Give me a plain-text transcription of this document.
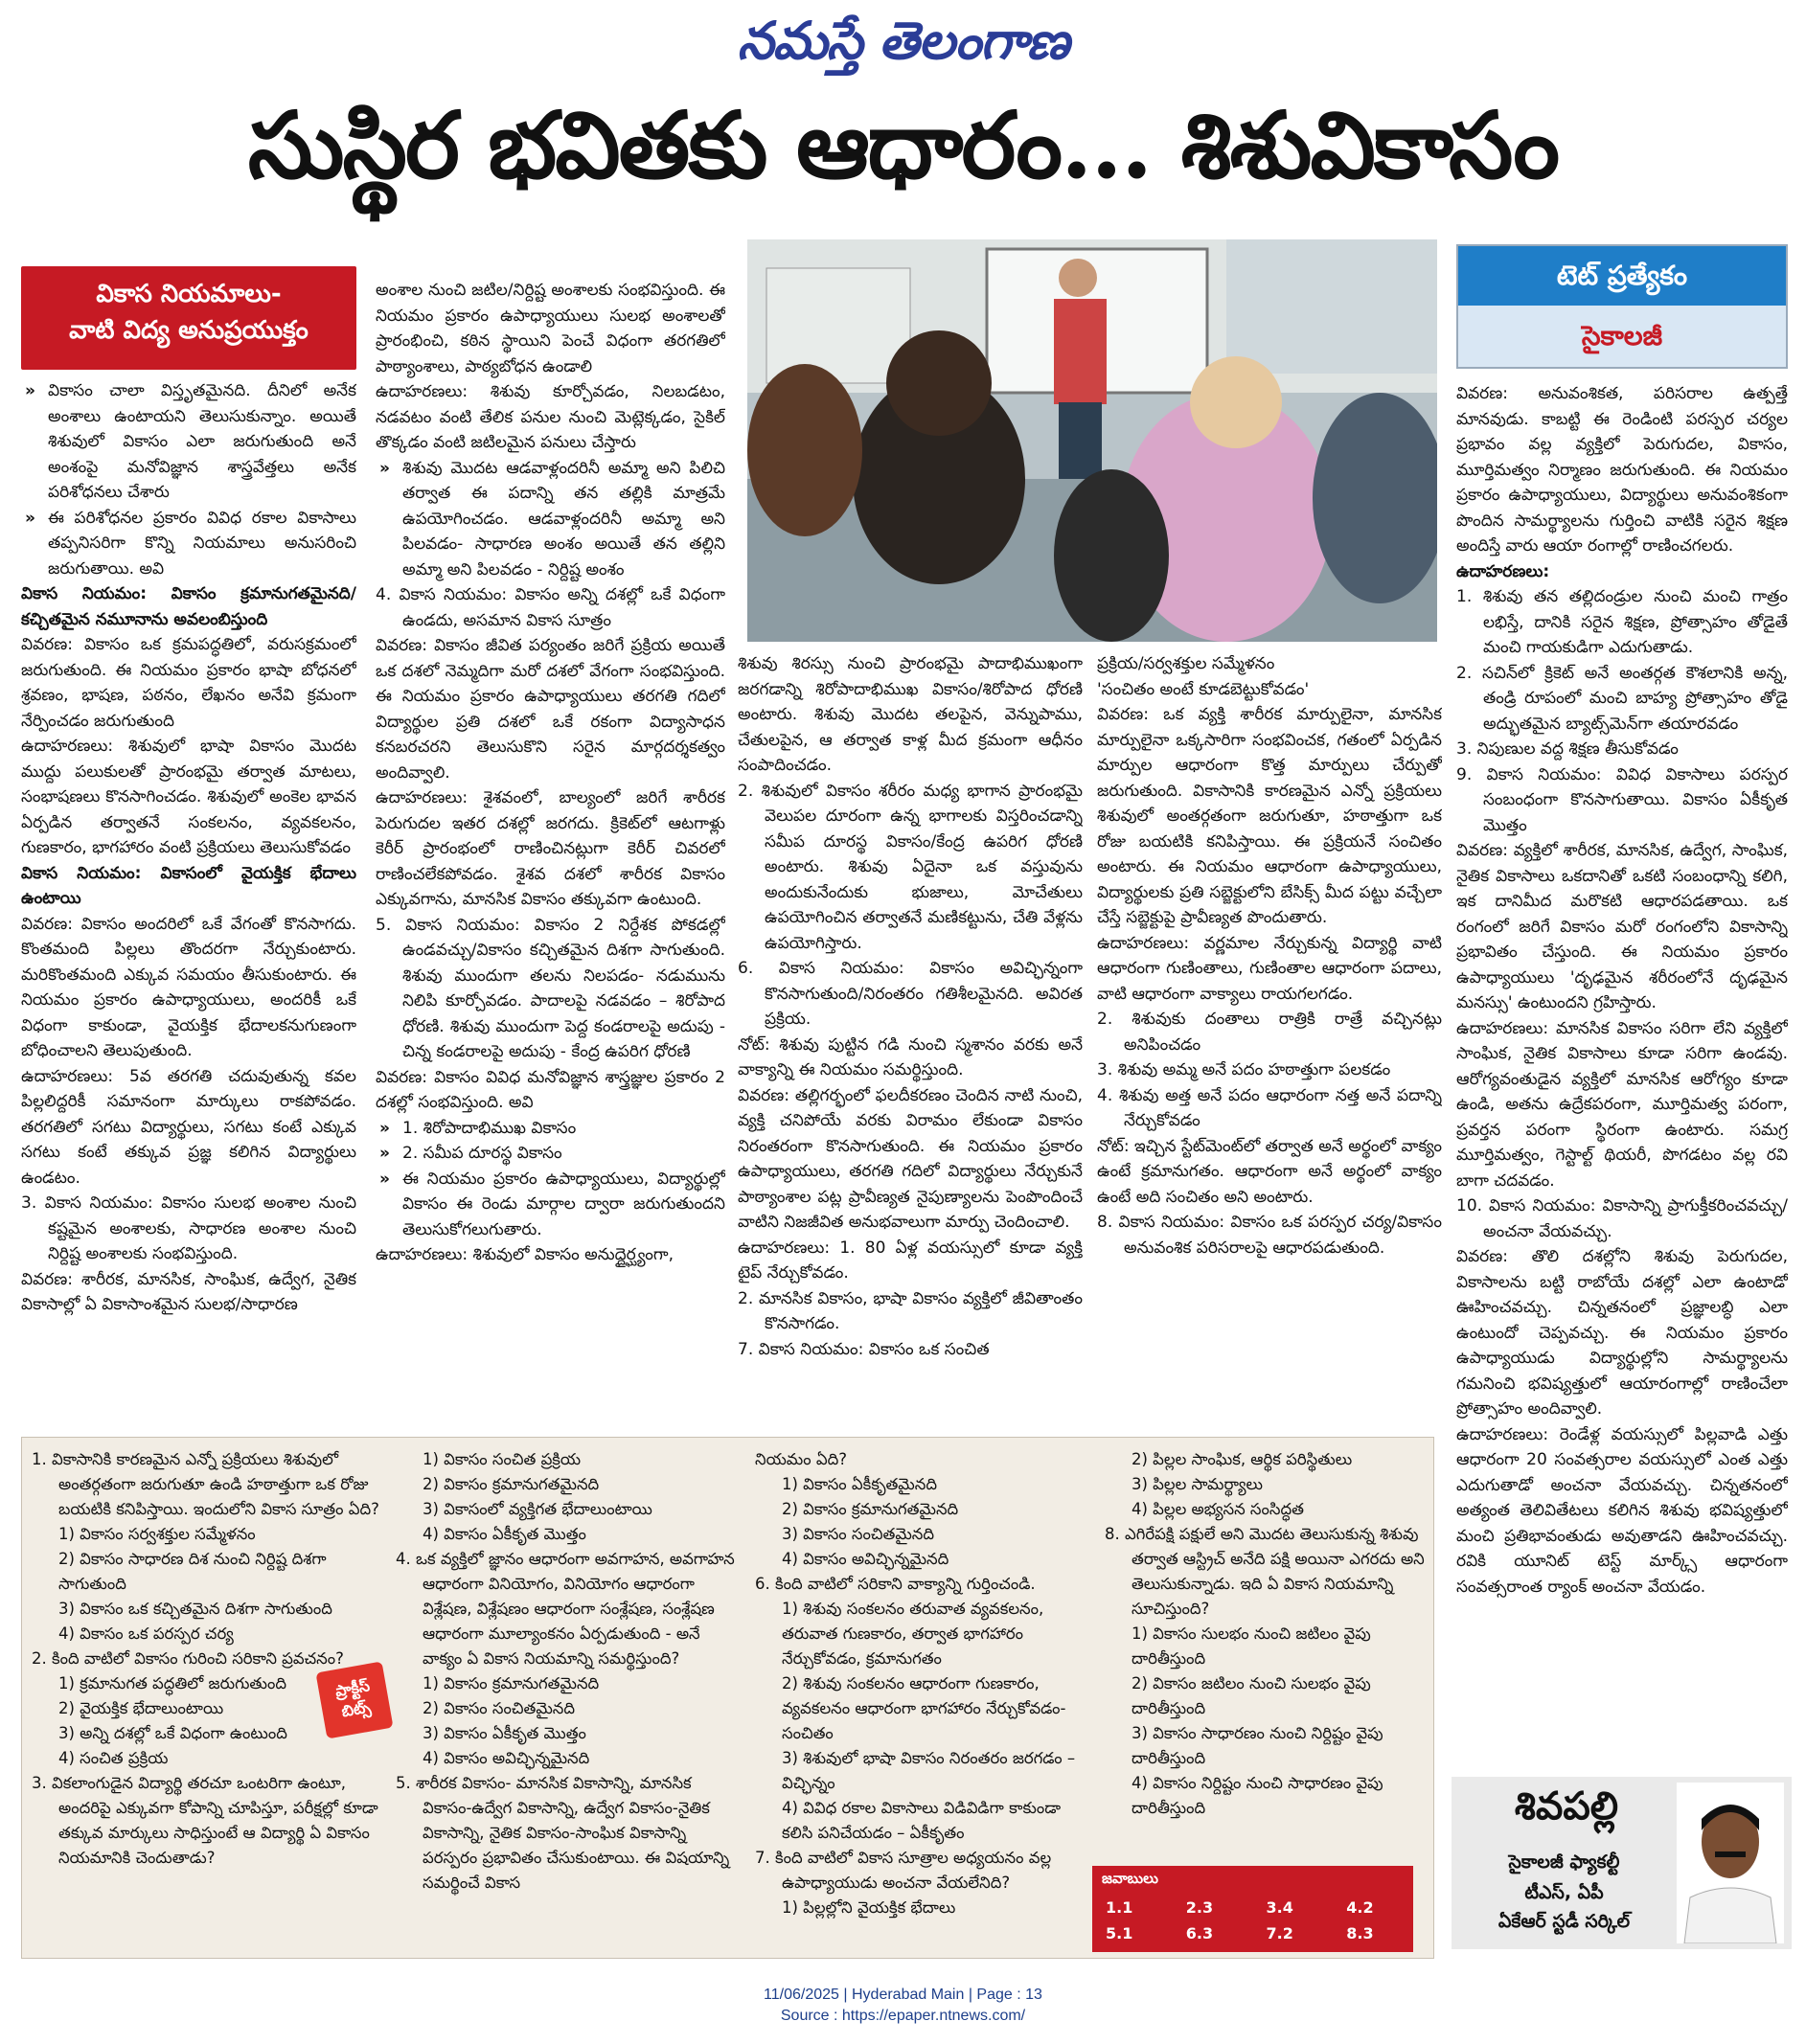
నమస్తే తెలంగాణ
సుస్థిర భవితకు ఆధారం... శిశువికాసం
వికాస నియమాలు-
వాటి విద్య అనుప్రయుక్తం
టెట్ ప్రత్యేకం
సైకాలజీ

» వికాసం చాలా విస్తృతమైనది. దీనిలో అనేక అంశాలు ఉంటాయని తెలుసుకున్నాం. అయితే శిశువులో వికాసం ఎలా జరుగుతుంది అనే అంశంపై మనోవిజ్ఞాన శాస్త్రవేత్తలు అనేక పరిశోధనలు చేశారు

» ఈ పరిశోధనల ప్రకారం వివిధ రకాల వికాసాలు తప్పనిసరిగా కొన్ని నియమాలు అనుసరించి జరుగుతాయి. అవి

వికాస నియమం: వికాసం క్రమానుగతమైనది/ కచ్చితమైన నమూనాను అవలంబిస్తుంది

వివరణ: వికాసం ఒక క్రమపద్ధతిలో, వరుసక్రమంలో జరుగుతుంది. ఈ నియమం ప్రకారం భాషా బోధనలో శ్రవణం, భాషణ, పఠనం, లేఖనం అనేవి క్రమంగా నేర్పించడం జరుగుతుంది

ఉదాహరణలు: శిశువులో భాషా వికాసం మొదట ముద్దు పలుకులతో ప్రారంభమై తర్వాత మాటలు, సంభాషణలు కొనసాగించడం. శిశువులో అంకెల భావన ఏర్పడిన తర్వాతనే సంకలనం, వ్యవకలనం, గుణకారం, భాగహారం వంటి ప్రక్రియలు తెలుసుకోవడం

వికాస నియమం: వికాసంలో వైయక్తిక భేదాలు ఉంటాయి

వివరణ: వికాసం అందరిలో ఒకే వేగంతో కొనసాగదు. కొంతమంది పిల్లలు తొందరగా నేర్చుకుంటారు. మరికొంతమంది ఎక్కువ సమయం తీసుకుంటారు. ఈ నియమం ప్రకారం ఉపాధ్యాయులు, అందరికీ ఒకే విధంగా కాకుండా, వైయక్తిక భేదాలకనుగుణంగా బోధించాలని తెలుపుతుంది.

ఉదాహరణలు: 5వ తరగతి చదువుతున్న కవల పిల్లలిద్దరికీ సమానంగా మార్కులు రాకపోవడం. తరగతిలో సగటు విద్యార్థులు, సగటు కంటే ఎక్కువ సగటు కంటే తక్కువ ప్రజ్ఞ కలిగిన విద్యార్థులు ఉండటం.

3. వికాస నియమం: వికాసం సులభ అంశాల నుంచి కష్టమైన అంశాలకు, సాధారణ అంశాల నుంచి నిర్దిష్ట అంశాలకు సంభవిస్తుంది.

వివరణ: శారీరక, మానసిక, సాంఘిక, ఉద్వేగ, నైతిక వికాసాల్లో ఏ వికాసాంశమైన సులభ/సాధారణ

అంశాల నుంచి జటిల/నిర్దిష్ట అంశాలకు సంభవిస్తుంది. ఈ నియమం ప్రకారం ఉపాధ్యాయులు సులభ అంశాలతో ప్రారంభించి, కఠిన స్థాయిని పెంచే విధంగా తరగతిలో పాఠ్యాంశాలు, పాఠ్యబోధన ఉండాలి

ఉదాహరణలు: శిశువు కూర్చోవడం, నిలబడటం, నడవటం వంటి తేలిక పనుల నుంచి మెట్లెక్కడం, సైకిల్ తొక్కడం వంటి జటిలమైన పనులు చేస్తారు

» శిశువు మొదట ఆడవాళ్లందరినీ అమ్మా అని పిలిచి తర్వాత ఈ పదాన్ని తన తల్లికి మాత్రమే ఉపయోగించడం. ఆడవాళ్లందరినీ అమ్మా అని పిలవడం- సాధారణ అంశం అయితే తన తల్లిని అమ్మా అని పిలవడం - నిర్దిష్ట అంశం

4. వికాస నియమం: వికాసం అన్ని దశల్లో ఒకే విధంగా ఉండదు, అసమాన వికాస సూత్రం

వివరణ: వికాసం జీవిత పర్యంతం జరిగే ప్రక్రియ అయితే ఒక దశలో నెమ్మదిగా మరో దశలో వేగంగా సంభవిస్తుంది. ఈ నియమం ప్రకారం ఉపాధ్యాయులు తరగతి గదిలో విద్యార్థుల ప్రతి దశలో ఒకే రకంగా విద్యాసాధన కనబరచరని తెలుసుకొని సరైన మార్గదర్శకత్వం అందివ్వాలి.

ఉదాహరణలు: శైశవంలో, బాల్యంలో జరిగే శారీరక పెరుగుదల ఇతర దశల్లో జరగదు. క్రికెట్‌లో ఆటగాళ్లు కెరీర్ ప్రారంభంలో రాణించినట్లుగా కెరీర్ చివరలో రాణించలేకపోవడం. శైశవ దశలో శారీరక వికాసం ఎక్కువగాను, మానసిక వికాసం తక్కువగా ఉంటుంది.

5. వికాస నియమం: వికాసం 2 నిర్దేశక పోకడల్లో ఉండవచ్చు/వికాసం కచ్చితమైన దిశగా సాగుతుంది. శిశువు ముందుగా తలను నిలపడం- నడుమును నిలిపి కూర్చోవడం. పాదాలపై నడవడం – శిరోపాద ధోరణి. శిశువు ముందుగా పెద్ద కండరాలపై అదుపు - చిన్న కండరాలపై అదుపు - కేంద్ర ఉపరిగ ధోరణి

వివరణ: వికాసం వివిధ మనోవిజ్ఞాన శాస్త్రజ్ఞుల ప్రకారం 2 దశల్లో సంభవిస్తుంది. అవి

» 1. శిరోపాదాభిముఖ వికాసం

» 2. సమీప దూరస్థ వికాసం

» ఈ నియమం ప్రకారం ఉపాధ్యాయులు, విద్యార్థుల్లో వికాసం ఈ రెండు మార్గాల ద్వారా జరుగుతుందని తెలుసుకోగలుగుతారు.

ఉదాహరణలు: శిశువులో వికాసం అనుద్దైర్ఘ్యంగా,

శిశువు శిరస్సు నుంచి ప్రారంభమై పాదాభిముఖంగా జరగడాన్ని శిరోపాదాభిముఖ వికాసం/శిరోపాద ధోరణి అంటారు. శిశువు మొదట తలపైన, వెన్నుపాము, చేతులపైన, ఆ తర్వాత కాళ్ల మీద క్రమంగా ఆధీనం సంపాదించడం.

2. శిశువులో వికాసం శరీరం మధ్య భాగాన ప్రారంభమై వెలుపల దూరంగా ఉన్న భాగాలకు విస్తరించడాన్ని సమీప దూరస్థ వికాసం/కేంద్ర ఉపరిగ ధోరణి అంటారు. శిశువు ఏదైనా ఒక వస్తువును అందుకునేందుకు భుజాలు, మోచేతులు ఉపయోగించిన తర్వాతనే మణికట్టును, చేతి వేళ్లను ఉపయోగిస్తారు.

6. వికాస నియమం: వికాసం అవిచ్ఛిన్నంగా కొనసాగుతుంది/నిరంతరం గతిశీలమైనది. అవిరత ప్రక్రియ.

నోట్: శిశువు పుట్టిన గడి నుంచి స్మశానం వరకు అనే వాక్యాన్ని ఈ నియమం సమర్థిస్తుంది.

వివరణ: తల్లిగర్భంలో ఫలదీకరణం చెందిన నాటి నుంచి, వ్యక్తి చనిపోయే వరకు విరామం లేకుండా వికాసం నిరంతరంగా కొనసాగుతుంది. ఈ నియమం ప్రకారం ఉపాధ్యాయులు, తరగతి గదిలో విద్యార్థులు నేర్చుకునే పాఠ్యాంశాల పట్ల ప్రావీణ్యత నైపుణ్యాలను పెంపొందించే వాటిని నిజజీవిత అనుభవాలుగా మార్పు చెందించాలి.

ఉదాహరణలు: 1. 80 ఏళ్ల వయస్సులో కూడా వ్యక్తి టైప్ నేర్చుకోవడం.

2. మానసిక వికాసం, భాషా వికాసం వ్యక్తిలో జీవితాంతం కొనసాగడం.

7. వికాస నియమం: వికాసం ఒక సంచిత

ప్రక్రియ/సర్వశక్తుల సమ్మేళనం

'సంచితం అంటే కూడబెట్టుకోవడం'

వివరణ: ఒక వ్యక్తి శారీరక మార్పులైనా, మానసిక మార్పులైనా ఒక్కసారిగా సంభవించక, గతంలో ఏర్పడిన మార్పుల ఆధారంగా కొత్త మార్పులు చేర్పుతో జరుగుతుంది. వికాసానికి కారణమైన ఎన్నో ప్రక్రియలు శిశువులో అంతర్గతంగా జరుగుతూ, హఠాత్తుగా ఒక రోజు బయటికి కనిపిస్తాయి. ఈ ప్రక్రియనే సంచితం అంటారు. ఈ నియమం ఆధారంగా ఉపాధ్యాయులు, విద్యార్థులకు ప్రతి సబ్జెక్టులోని బేసిక్స్ మీద పట్టు వచ్చేలా చేస్తే సబ్జెక్టుపై ప్రావీణ్యత పొందుతారు.

ఉదాహరణలు: వర్ణమాల నేర్చుకున్న విద్యార్థి వాటి ఆధారంగా గుణింతాలు, గుణింతాల ఆధారంగా పదాలు, వాటి ఆధారంగా వాక్యాలు రాయగలగడం.

2. శిశువుకు దంతాలు రాత్రికి రాత్రే వచ్చినట్లు అనిపించడం

3. శిశువు అమ్మ అనే పదం హఠాత్తుగా పలకడం

4. శిశువు అత్త అనే పదం ఆధారంగా నత్త అనే పదాన్ని నేర్చుకోవడం

నోట్: ఇచ్చిన స్టేట్‌మెంట్‌లో తర్వాత అనే అర్థంలో వాక్యం ఉంటే క్రమానుగతం. ఆధారంగా అనే అర్థంలో వాక్యం ఉంటే అది సంచితం అని అంటారు.

8. వికాస నియమం: వికాసం ఒక పరస్పర చర్య/వికాసం అనువంశిక పరిసరాలపై ఆధారపడుతుంది.

వివరణ: అనువంశికత, పరిసరాల ఉత్పత్తే మానవుడు. కాబట్టి ఈ రెండింటి పరస్పర చర్యల ప్రభావం వల్ల వ్యక్తిలో పెరుగుదల, వికాసం, మూర్తిమత్వం నిర్మాణం జరుగుతుంది. ఈ నియమం ప్రకారం ఉపాధ్యాయులు, విద్యార్థులు అనువంశికంగా పొందిన సామర్థ్యాలను గుర్తించి వాటికి సరైన శిక్షణ అందిస్తే వారు ఆయా రంగాల్లో రాణించగలరు.

ఉదాహరణలు:

1. శిశువు తన తల్లిదండ్రుల నుంచి మంచి గాత్రం లభిస్తే, దానికి సరైన శిక్షణ, ప్రోత్సాహం తోడైతే మంచి గాయకుడిగా ఎదుగుతాడు.

2. సచిన్‌లో క్రికెట్ అనే అంతర్గత కౌశలానికి అన్న, తండ్రి రూపంలో మంచి బాహ్య ప్రోత్సాహం తోడై అద్భుతమైన బ్యాట్స్‌మెన్‌గా తయారవడం

3. నిపుణుల వద్ద శిక్షణ తీసుకోవడం

9. వికాస నియమం: వివిధ వికాసాలు పరస్పర సంబంధంగా కొనసాగుతాయి. వికాసం ఏకీకృత మొత్తం

వివరణ: వ్యక్తిలో శారీరక, మానసిక, ఉద్వేగ, సాంఘిక, నైతిక వికాసాలు ఒకదానితో ఒకటి సంబంధాన్ని కలిగి, ఇక దానిమీద మరొకటి ఆధారపడతాయి. ఒక రంగంలో జరిగే వికాసం మరో రంగంలోని వికాసాన్ని ప్రభావితం చేస్తుంది. ఈ నియమం ప్రకారం ఉపాధ్యాయులు 'దృఢమైన శరీరంలోనే దృఢమైన మనస్సు' ఉంటుందని గ్రహిస్తారు.

ఉదాహరణలు: మానసిక వికాసం సరిగా లేని వ్యక్తిలో సాంఘిక, నైతిక వికాసాలు కూడా సరిగా ఉండవు. ఆరోగ్యవంతుడైన వ్యక్తిలో మానసిక ఆరోగ్యం కూడా ఉండి, అతను ఉద్రేకపరంగా, మూర్తిమత్వ పరంగా, ప్రవర్తన పరంగా స్థిరంగా ఉంటారు. సమగ్ర మూర్తిమత్వం, గెస్టాల్ట్ థియరీ, పొగడటం వల్ల రవి బాగా చదవడం.

10. వికాస నియమం: వికాసాన్ని ప్రాగుక్తీకరించవచ్చు/ అంచనా వేయవచ్చు.

వివరణ: తొలి దశల్లోని శిశువు పెరుగుదల, వికాసాలను బట్టి రాబోయే దశల్లో ఎలా ఉంటాడో ఊహించవచ్చు. చిన్నతనంలో ప్రజ్ఞాలబ్ధి ఎలా ఉంటుందో చెప్పవచ్చు. ఈ నియమం ప్రకారం ఉపాధ్యాయుడు విద్యార్థుల్లోని సామర్థ్యాలను గమనించి భవిష్యత్తులో ఆయారంగాల్లో రాణించేలా ప్రోత్సాహం అందివ్వాలి.

ఉదాహరణలు: రెండేళ్ల వయస్సులో పిల్లవాడి ఎత్తు ఆధారంగా 20 సంవత్సరాల వయస్సులో ఎంత ఎత్తు ఎదుగుతాడో అంచనా వేయవచ్చు. చిన్నతనంలో అత్యంత తెలివితేటలు కలిగిన శిశువు భవిష్యత్తులో మంచి ప్రతిభావంతుడు అవుతాడని ఊహించవచ్చు. రవికి యూనిట్ టెస్ట్ మార్క్స్ ఆధారంగా సంవత్సరాంత ర్యాంక్ అంచనా వేయడం.

1. వికాసానికి కారణమైన ఎన్నో ప్రక్రియలు శిశువులో అంతర్గతంగా జరుగుతూ ఉండి హఠాత్తుగా ఒక రోజు బయటికి కనిపిస్తాయి. ఇందులోని వికాస సూత్రం ఏది?
1) వికాసం సర్వశక్తుల సమ్మేళనం
2) వికాసం సాధారణ దిశ నుంచి నిర్దిష్ట దిశగా సాగుతుంది
3) వికాసం ఒక కచ్చితమైన దిశగా సాగుతుంది
4) వికాసం ఒక పరస్పర చర్య
2. కింది వాటిలో వికాసం గురించి సరికాని ప్రవచనం?
1) క్రమానుగత పద్ధతిలో జరుగుతుంది
2) వైయక్తిక భేదాలుంటాయి
3) అన్ని దశల్లో ఒకే విధంగా ఉంటుంది
4) సంచిత ప్రక్రియ
3. వికలాంగుడైన విద్యార్థి తరచూ ఒంటరిగా ఉంటూ, అందరిపై ఎక్కువగా కోపాన్ని చూపిస్తూ, పరీక్షల్లో కూడా తక్కువ మార్కులు సాధిస్తుంటే ఆ విద్యార్థి ఏ వికాసం నియమానికి చెందుతాడు?
1) వికాసం సంచిత ప్రక్రియ
2) వికాసం క్రమానుగతమైనది
3) వికాసంలో వ్యక్తిగత భేదాలుంటాయి
4) వికాసం ఏకీకృత మొత్తం
4. ఒక వ్యక్తిలో జ్ఞానం ఆధారంగా అవగాహన, అవగాహన ఆధారంగా వినియోగం, వినియోగం ఆధారంగా విశ్లేషణ, విశ్లేషణం ఆధారంగా సంశ్లేషణ, సంశ్లేషణ ఆధారంగా మూల్యాంకనం ఏర్పడుతుంది - అనే వాక్యం ఏ వికాస నియమాన్ని సమర్థిస్తుంది?
1) వికాసం క్రమానుగతమైనది
2) వికాసం సంచితమైనది
3) వికాసం ఏకీకృత మొత్తం
4) వికాసం అవిచ్ఛిన్నమైనది
5. శారీరక వికాసం- మానసిక వికాసాన్ని, మానసిక వికాసం-ఉద్వేగ వికాసాన్ని, ఉద్వేగ వికాసం-నైతిక వికాసాన్ని, నైతిక వికాసం-సాంఘిక వికాసాన్ని పరస్పరం ప్రభావితం చేసుకుంటాయి. ఈ విషయాన్ని సమర్థించే వికాస
నియమం ఏది?
1) వికాసం ఏకీకృతమైనది
2) వికాసం క్రమానుగతమైనది
3) వికాసం సంచితమైనది
4) వికాసం అవిచ్ఛిన్నమైనది
6. కింది వాటిలో సరికాని వాక్యాన్ని గుర్తించండి.
1) శిశువు సంకలనం తరువాత వ్యవకలనం, తరువాత గుణకారం, తర్వాత భాగహారం నేర్చుకోవడం, క్రమానుగతం
2) శిశువు సంకలనం ఆధారంగా గుణకారం, వ్యవకలనం ఆధారంగా భాగహారం నేర్చుకోవడం-సంచితం
3) శిశువులో భాషా వికాసం నిరంతరం జరగడం – విచ్ఛిన్నం
4) వివిధ రకాల వికాసాలు విడివిడిగా కాకుండా కలిసి పనిచేయడం – ఏకీకృతం
7. కింది వాటిలో వికాస సూత్రాల అధ్యయనం వల్ల ఉపాధ్యాయుడు అంచనా వేయలేనిది?
1) పిల్లల్లోని వైయక్తిక భేదాలు
2) పిల్లల సాంఘిక, ఆర్థిక పరిస్థితులు
3) పిల్లల సామర్థ్యాలు
4) పిల్లల అభ్యసన సంసిద్ధత
8. ఎగిరేపక్షి పక్షులే అని మొదట తెలుసుకున్న శిశువు తర్వాత ఆస్ట్రిచ్ అనేది పక్షి అయినా ఎగరదు అని తెలుసుకున్నాడు. ఇది ఏ వికాస నియమాన్ని సూచిస్తుంది?
1) వికాసం సులభం నుంచి జటిలం వైపు దారితీస్తుంది
2) వికాసం జటిలం నుంచి సులభం వైపు దారితీస్తుంది
3) వికాసం సాధారణం నుంచి నిర్దిష్టం వైపు దారితీస్తుంది
4) వికాసం నిర్దిష్టం నుంచి సాధారణం వైపు దారితీస్తుంది
ప్రాక్టీస్
బిట్స్
జవాబులు
1.1	2.3	3.4	4.2
5.1	6.3	7.2	8.3
శివపల్లి
సైకాలజీ ఫ్యాకల్టీ
టీఎస్, ఏపీ
ఏకేఆర్ స్టడీ సర్కిల్
11/06/2025 | Hyderabad Main | Page : 13
Source : https://epaper.ntnews.com/
